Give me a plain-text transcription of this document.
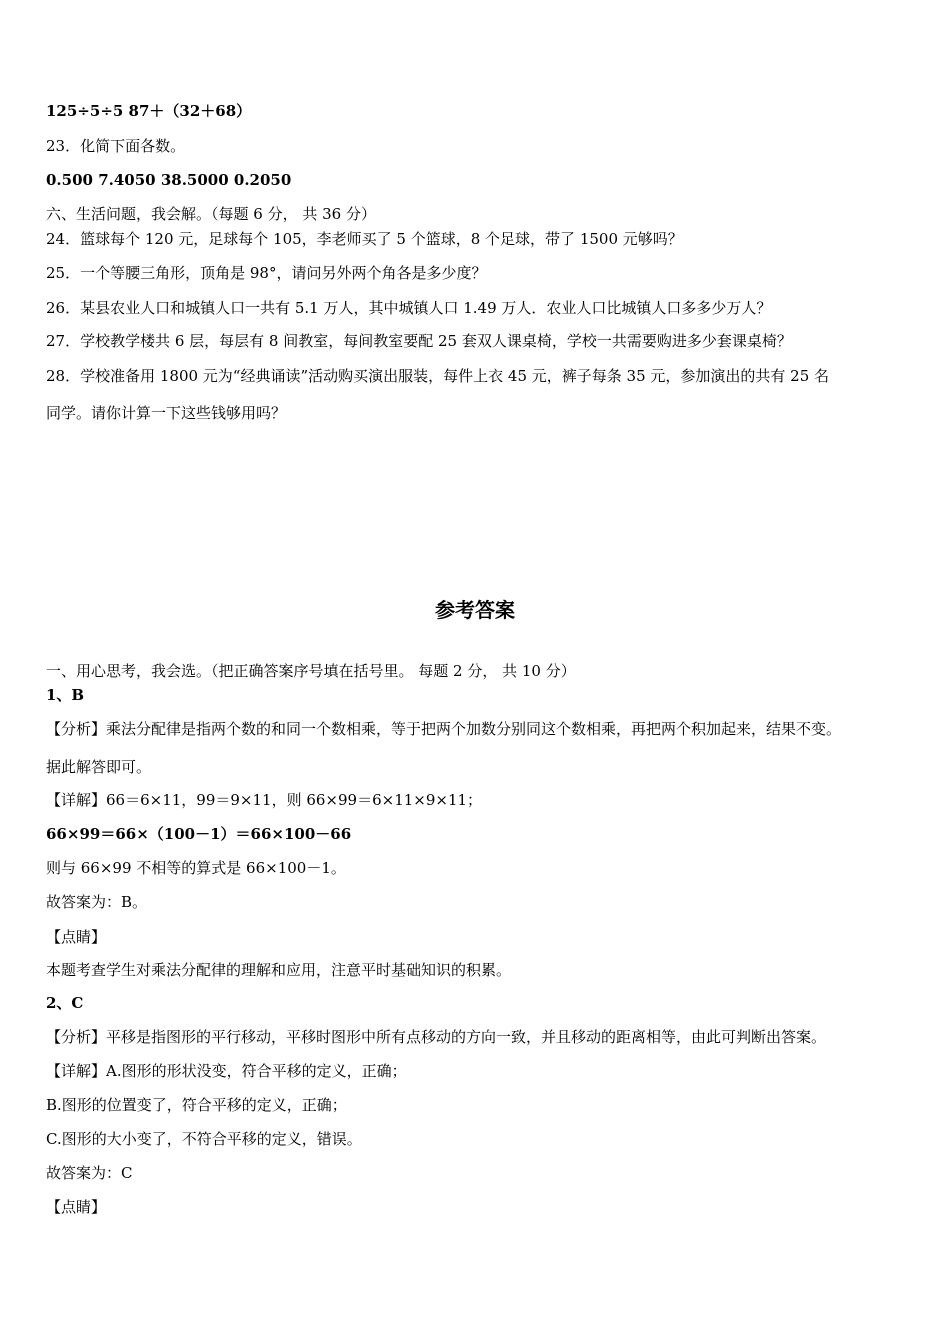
125÷5÷5 87＋（32＋68）
23．化简下面各数。
0.500 7.4050 38.5000 0.2050
六、生活问题，我会解。（每题 6 分， 共 36 分）
24．篮球每个 120 元，足球每个 105，李老师买了 5 个篮球，8 个足球，带了 1500 元够吗？
25．一个等腰三角形，顶角是 98°，请问另外两个角各是多少度？
26．某县农业人口和城镇人口一共有 5.1 万人，其中城镇人口 1.49 万人．农业人口比城镇人口多多少万人？
27．学校教学楼共 6 层，每层有 8 间教室，每间教室要配 25 套双人课桌椅，学校一共需要购进多少套课桌椅？
28．学校准备用 1800 元为“经典诵读”活动购买演出服装，每件上衣 45 元，裤子每条 35 元，参加演出的共有 25 名
同学。请你计算一下这些钱够用吗？
参考答案
一、用心思考，我会选。（把正确答案序号填在括号里。 每题 2 分， 共 10 分）
1、B
【分析】乘法分配律是指两个数的和同一个数相乘，等于把两个加数分别同这个数相乘，再把两个积加起来，结果不变。
据此解答即可。
【详解】66＝6×11，99＝9×11，则 66×99＝6×11×9×11；
66×99＝66×（100－1）＝66×100－66
则与 66×99 不相等的算式是 66×100－1。
故答案为：B。
【点睛】
本题考查学生对乘法分配律的理解和应用，注意平时基础知识的积累。
2、C
【分析】平移是指图形的平行移动，平移时图形中所有点移动的方向一致，并且移动的距离相等，由此可判断出答案。
【详解】A.图形的形状没变，符合平移的定义，正确；
B.图形的位置变了，符合平移的定义，正确；
C.图形的大小变了，不符合平移的定义，错误。
故答案为：C
【点睛】
